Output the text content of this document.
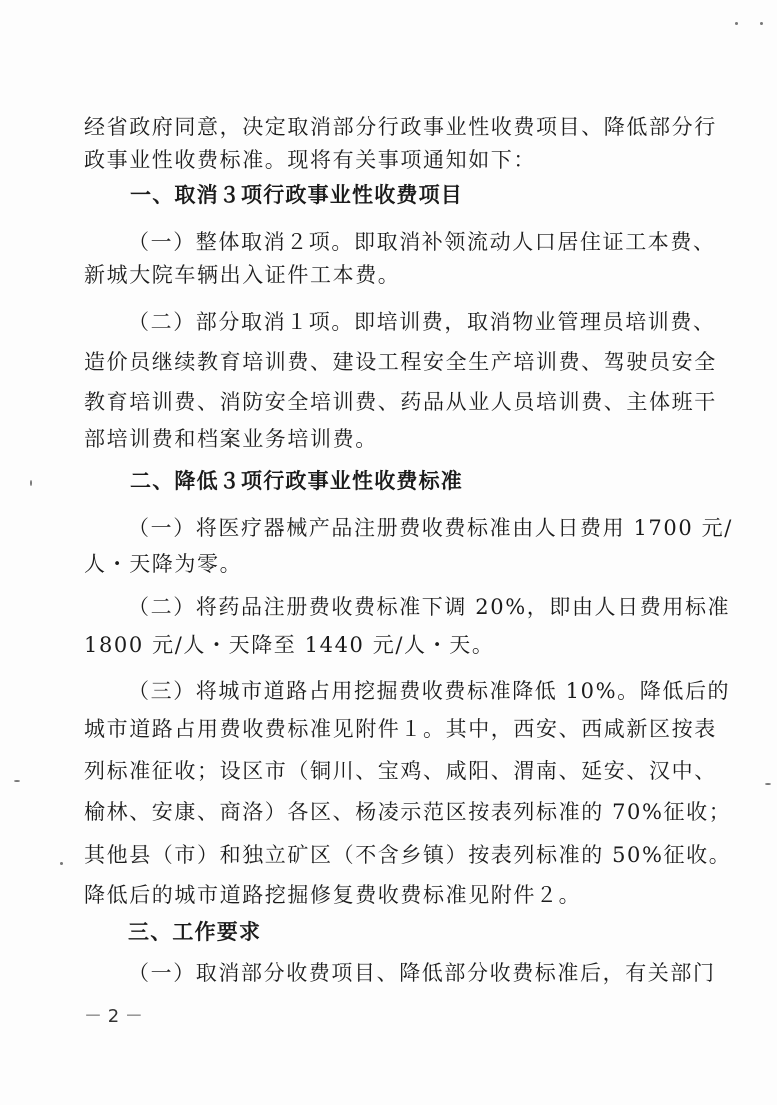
经省政府同意，决定取消部分行政事业性收费项目、降低部分行
政事业性收费标准。现将有关事项通知如下：
一、取消３项行政事业性收费项目
（一）整体取消２项。即取消补领流动人口居住证工本费、
新城大院车辆出入证件工本费。
（二）部分取消１项。即培训费，取消物业管理员培训费、
造价员继续教育培训费、建设工程安全生产培训费、驾驶员安全
教育培训费、消防安全培训费、药品从业人员培训费、主体班干
部培训费和档案业务培训费。
二、降低３项行政事业性收费标准
（一）将医疗器械产品注册费收费标准由人日费用 1700 元/
人・天降为零。
（二）将药品注册费收费标准下调 20%，即由人日费用标准
1800 元/人・天降至 1440 元/人・天。
（三）将城市道路占用挖掘费收费标准降低 10%。降低后的
城市道路占用费收费标准见附件１。其中，西安、西咸新区按表
列标准征收；设区市（铜川、宝鸡、咸阳、渭南、延安、汉中、
榆林、安康、商洛）各区、杨凌示范区按表列标准的 70%征收；
其他县（市）和独立矿区（不含乡镇）按表列标准的 50%征收。
降低后的城市道路挖掘修复费收费标准见附件２。
三、工作要求
（一）取消部分收费项目、降低部分收费标准后，有关部门
－ 2 －
